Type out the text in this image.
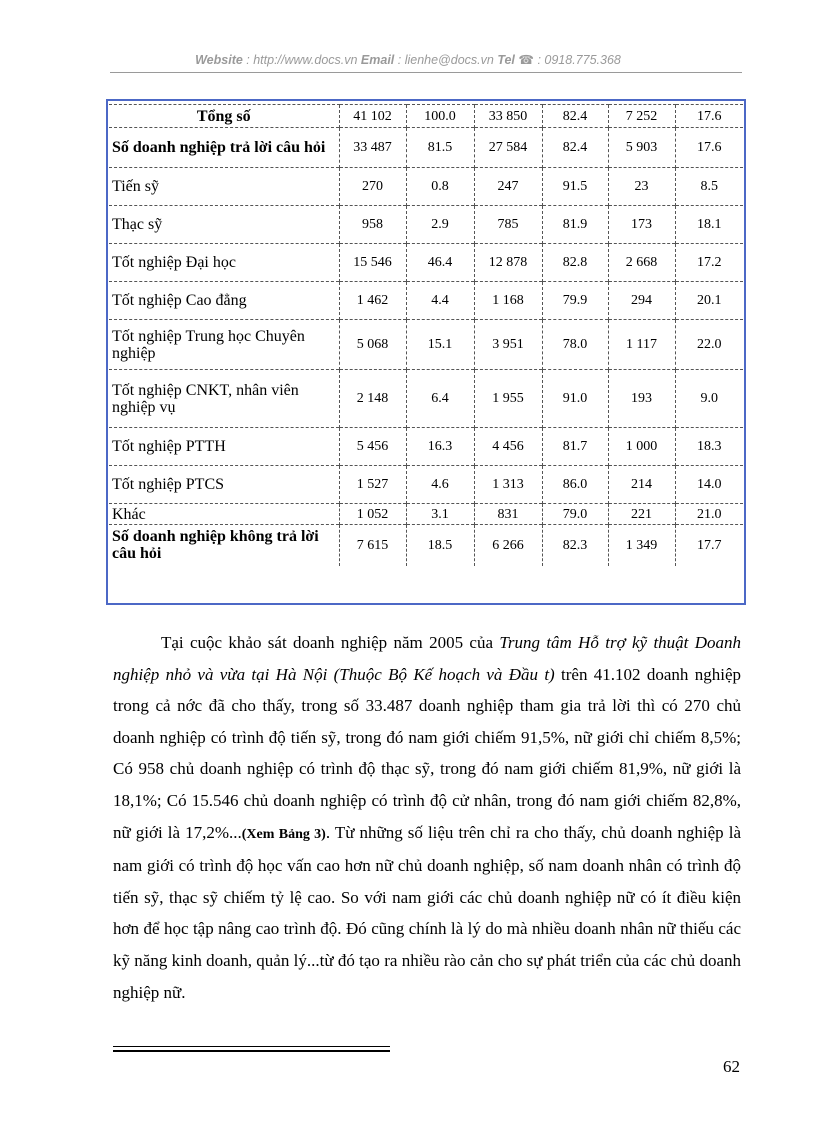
Website : http://www.docs.vn Email : lienhe@docs.vn Tel ☎ : 0918.775.368
Tổng số	41 102	100.0	33 850	82.4	7 252	17.6
Số doanh nghiệp trả lời câu hỏi	33 487	81.5	27 584	82.4	5 903	17.6
Tiến sỹ	270	0.8	247	91.5	23	8.5
Thạc sỹ	958	2.9	785	81.9	173	18.1
Tốt nghiệp Đại học	15 546	46.4	12 878	82.8	2 668	17.2
Tốt nghiệp Cao đẳng	1 462	4.4	1 168	79.9	294	20.1
Tốt nghiệp Trung học Chuyên nghiệp	5 068	15.1	3 951	78.0	1 117	22.0
Tốt nghiệp CNKT, nhân viên nghiệp vụ	2 148	6.4	1 955	91.0	193	9.0
Tốt nghiệp PTTH	5 456	16.3	4 456	81.7	1 000	18.3
Tốt nghiệp PTCS	1 527	4.6	1 313	86.0	214	14.0
Khác	1 052	3.1	831	79.0	221	21.0
Số doanh nghiệp không trả lời câu hỏi	7 615	18.5	6 266	82.3	1 349	17.7
Tại cuộc khảo sát doanh nghiệp năm 2005 của Trung tâm Hỗ trợ kỹ thuật Doanh nghiệp nhỏ và vừa tại Hà Nội (Thuộc Bộ Kế hoạch và Đầu t) trên 41.102 doanh nghiệp trong cả nớc đã cho thấy, trong số 33.487 doanh nghiệp tham gia trả lời thì có 270 chủ doanh nghiệp có trình độ tiến sỹ, trong đó nam giới chiếm 91,5%, nữ giới chỉ chiếm 8,5%; Có 958 chủ doanh nghiệp có trình độ thạc sỹ, trong đó nam giới chiếm 81,9%, nữ giới là 18,1%; Có 15.546 chủ doanh nghiệp có trình độ cử nhân, trong đó nam giới chiếm 82,8%, nữ giới là 17,2%...(Xem Bảng 3). Từ những số liệu trên chỉ ra cho thấy, chủ doanh nghiệp là nam giới có trình độ học vấn cao hơn nữ chủ doanh nghiệp, số nam doanh nhân có trình độ tiến sỹ, thạc sỹ chiếm tỷ lệ cao. So với nam giới các chủ doanh nghiệp nữ có ít điều kiện hơn để học tập nâng cao trình độ. Đó cũng chính là lý do mà nhiều doanh nhân nữ thiếu các kỹ năng kinh doanh, quản lý...từ đó tạo ra nhiều rào cản cho sự phát triển của các chủ doanh nghiệp nữ.
62
